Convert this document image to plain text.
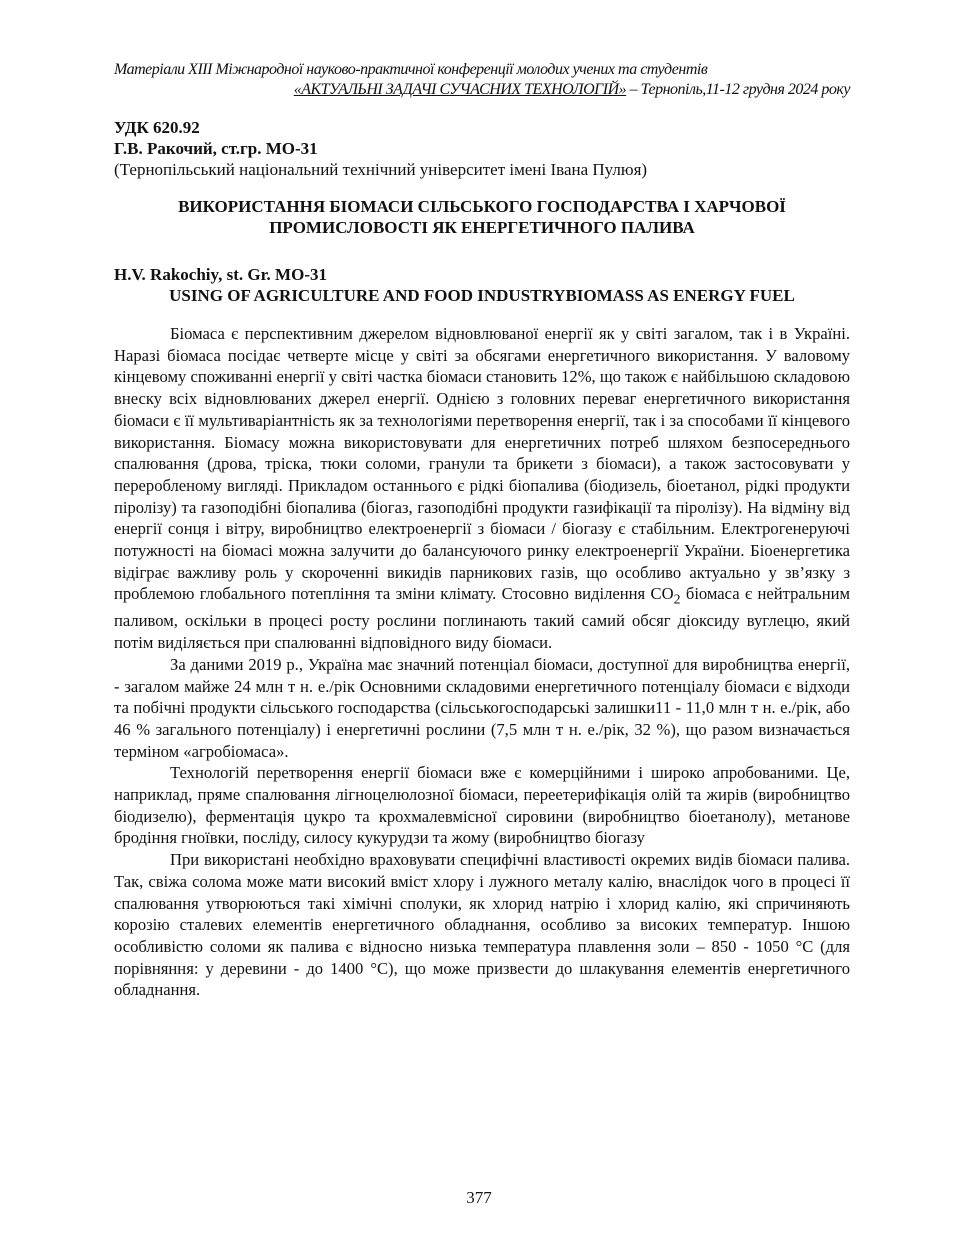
Матеріали XIII Міжнародної науково-практичної конференції молодих учених та студентів
«АКТУАЛЬНІ ЗАДАЧІ СУЧАСНИХ ТЕХНОЛОГІЙ» – Тернопіль,11-12 грудня 2024 року
УДК 620.92
Г.В. Ракочий, ст.гр. МО-31
(Тернопільський національний технічний університет імені Івана Пулюя)
ВИКОРИСТАННЯ БІОМАСИ СІЛЬСЬКОГО ГОСПОДАРСТВА І ХАРЧОВОЇ ПРОМИСЛОВОСТІ ЯК ЕНЕРГЕТИЧНОГО ПАЛИВА
H.V. Rakochiy, st. Gr. MO-31
USING OF AGRICULTURE AND FOOD INDUSTRYBIOMASS AS ENERGY FUEL

Біомаса є перспективним джерелом відновлюваної енергії як у світі загалом, так і в Україні. Наразі біомаса посідає четверте місце у світі за обсягами енергетичного використання. У валовому кінцевому споживанні енергії у світі частка біомаси становить 12%, що також є найбільшою складовою внеску всіх відновлюваних джерел енергії. Однією з головних переваг енергетичного використання біомаси є її мультиваріантність як за технологіями перетворення енергії, так і за способами її кінцевого використання. Біомасу можна використовувати для енергетичних потреб шляхом безпосереднього спалювання (дрова, тріска, тюки соломи, гранули та брикети з біомаси), а також застосовувати у переробленому вигляді. Прикладом останнього є рідкі біопалива (біодизель, біоетанол, рідкі продукти піролізу) та газоподібні біопалива (біогаз, газоподібні продукти газифікації та піролізу). На відміну від енергії сонця і вітру, виробництво електроенергії з біомаси / біогазу є стабільним. Електрогенеруючі потужності на біомасі можна залучити до балансуючого ринку електроенергії України. Біоенергетика відіграє важливу роль у скороченні викидів парникових газів, що особливо актуально у зв’язку з проблемою глобального потепління та зміни клімату. Стосовно виділення $CO_2$ біомаса є нейтральним паливом, оскільки в процесі росту рослини поглинають такий самий обсяг діоксиду вуглецю, який потім виділяється при спалюванні відповідного виду біомаси.

За даними 2019 р., Україна має значний потенціал біомаси, доступної для виробництва енергії, - загалом майже 24 млн т н. е./рік Основними складовими енергетичного потенціалу біомаси є відходи та побічні продукти сільського господарства (сільськогосподарські залишки11 - 11,0 млн т н. е./рік, або 46 % загального потенціалу) і енергетичні рослини (7,5 млн т н. е./рік, 32 %), що разом визначається терміном «агробіомаса».

Технологій перетворення енергії біомаси вже є комерційними і широко апробованими. Це, наприклад, пряме спалювання лігноцелюлозної біомаси, переетерифікація олій та жирів (виробництво біодизелю), ферментація цукро та крохмалевмісної сировини (виробництво біоетанолу), метанове бродіння гноївки, посліду, силосу кукурудзи та жому (виробництво біогазу

При використані необхідно враховувати специфічні властивості окремих видів біомаси палива. Так, свіжа солома може мати високий вміст хлору і лужного металу калію, внаслідок чого в процесі її спалювання утворюються такі хімічні сполуки, як хлорид натрію і хлорид калію, які спричиняють корозію сталевих елементів енергетичного обладнання, особливо за високих температур. Іншою особливістю соломи як палива є відносно низька температура плавлення золи – 850 - 1050 °С (для порівняння: у деревини - до 1400 °С), що може призвести до шлакування елементів енергетичного обладнання.

377
